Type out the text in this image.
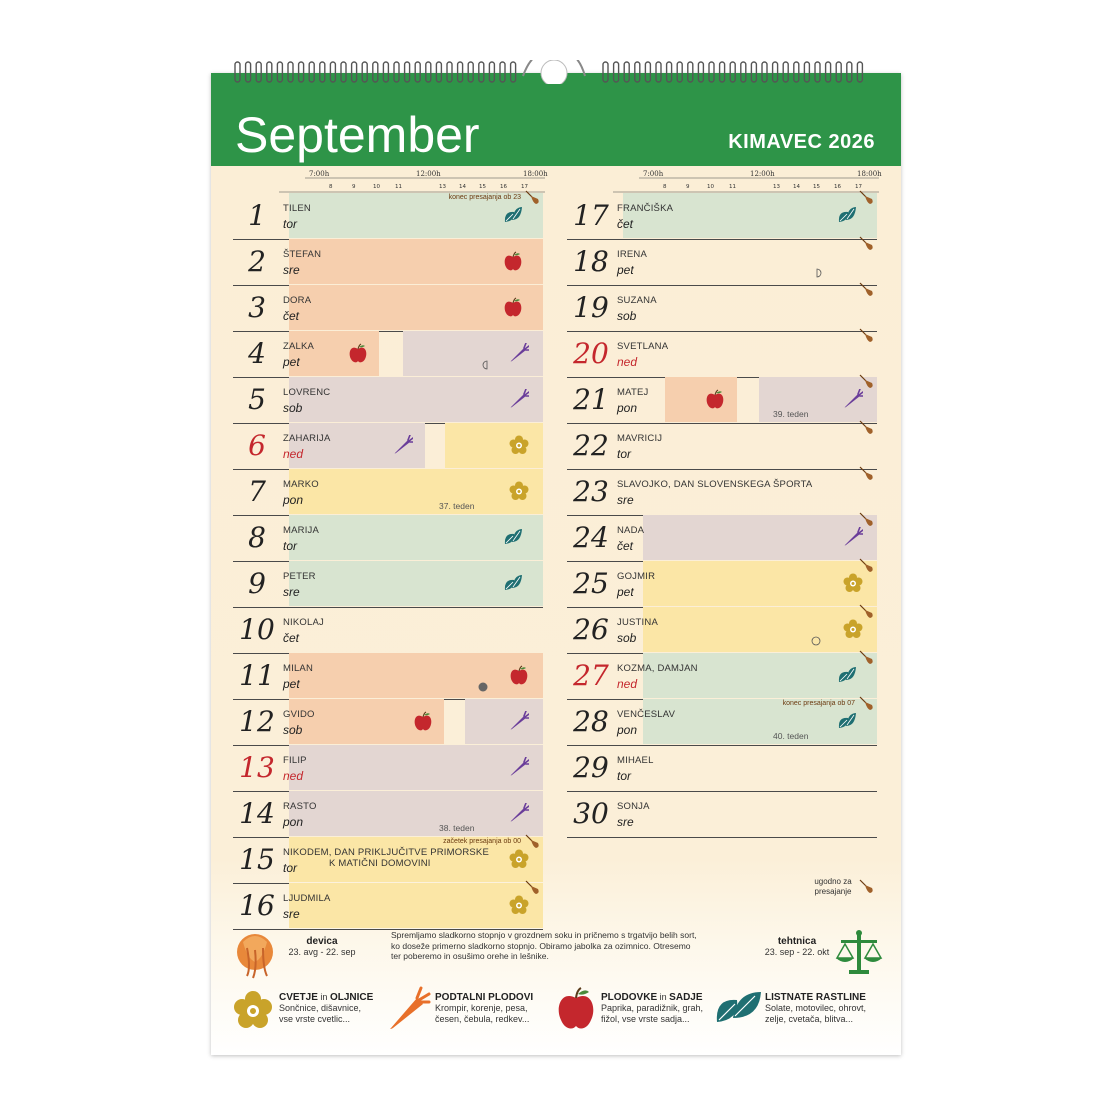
September	KIMAVEC 2026
7:00h	12:00h	18:00h
8	9	10	11	13 14 15	16	17
1	TILEN
tor
konec presajanja ob 23
2	ŠTEFAN
sre
3	DORA
čet
4	ZALKA
pet
5	LOVRENC
sob
6	ZAHARIJA
ned
7	MARKO
pon	37. teden
8	MARIJA
tor
9	PETER
sre
10 NIKOLAJ
čet
11 MILAN
pet
12 GVIDO
sob
13 FILIP
ned
14 RASTO
pon	38. teden
15 NIKODEM, DAN PRIKLJUČITVE PRIMORSKE
K MATIČNI DOMOVINI
tor
začetek presajanja ob 00
16 LJUDMILA
sre
7:00h	12:00h	18:00h
8	9	10	11	13 14 15	16	17
17 FRANČIŠKA
čet
18 IRENA
pet
19 SUZANA
sob
20 SVETLANA
ned
21 MATEJ
pon	39. teden
22 MAVRICIJ
tor
23 SLAVOJKO, DAN SLOVENSKEGA ŠPORTA
sre
24 NADA
čet
25 GOJMIR
pet
26 JUSTINA
sob
27 KOZMA, DAMJAN
ned
28 VENČESLAV
pon	40. teden
konec presajanja ob 07
29 MIHAEL
tor
30 SONJA
sre
ugodno za presajanje
devica
23. avg - 22. sep
Spremljamo sladkorno stopnjo v grozdnem soku in pričnemo s trgatvijo belih sort,
ko doseže primerno sladkorno stopnjo. Obiramo jabolka za ozimnico. Otresemo
ter poberemo in osušimo orehe in lešnike.
tehtnica
23. sep - 22. okt
CVETJE in OLJNICE
Sončnice, dišavnice,
vse vrste cvetlic...
PODTALNI PLODOVI
Krompir, korenje, pesa,
česen, čebula, redkev...
PLODOVKE in SADJE
Paprika, paradižnik, grah,
fižol, vse vrste sadja...
LISTNATE RASTLINE
Solate, motovilec, ohrovt,
zelje, cvetača, blitva...
